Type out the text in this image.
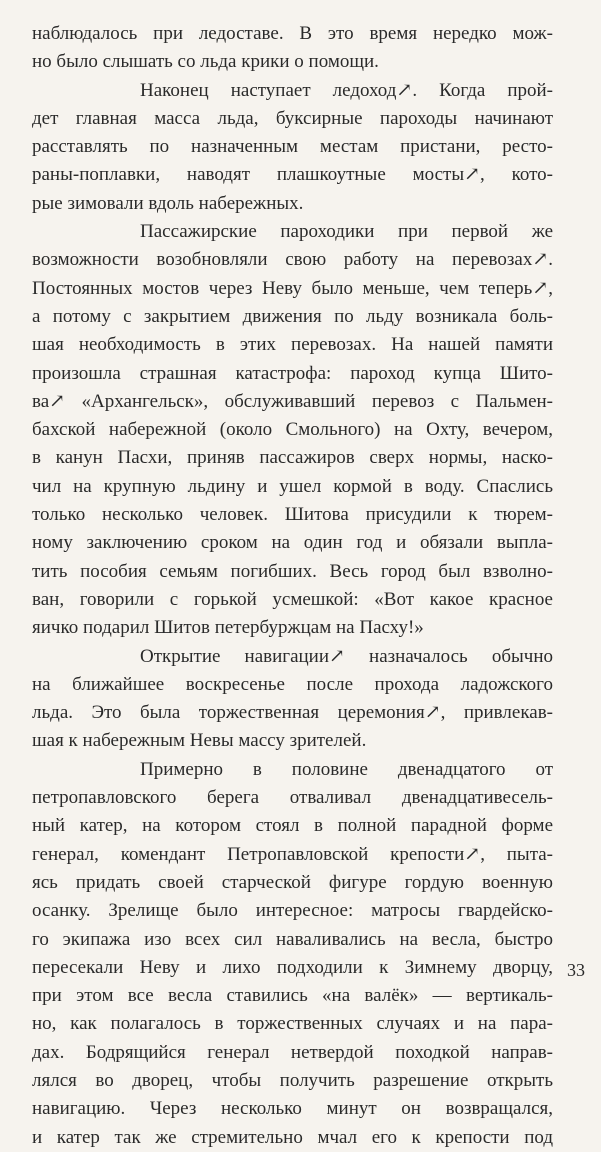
наблюдалось при ледоставе. В это время нередко мож-
но было слышать со льда крики о помощи.
Наконец наступает ледоход↗. Когда прой-
дет главная масса льда, буксирные пароходы начинают
расставлять по назначенным местам пристани, ресто-
раны-поплавки, наводят плашкоутные мосты↗, кото-
рые зимовали вдоль набережных.
Пассажирские пароходики при первой же
возможности возобновляли свою работу на перевозах↗.
Постоянных мостов через Неву было меньше, чем теперь↗,
а потому с закрытием движения по льду возникала боль-
шая необходимость в этих перевозах. На нашей памяти
произошла страшная катастрофа: пароход купца Шито-
ва↗ «Архангельск», обслуживавший перевоз с Пальмен-
бахской набережной (около Смольного) на Охту, вечером,
в канун Пасхи, приняв пассажиров сверх нормы, наско-
чил на крупную льдину и ушел кормой в воду. Спаслись
только несколько человек. Шитова присудили к тюрем-
ному заключению сроком на один год и обязали выпла-
тить пособия семьям погибших. Весь город был взволно-
ван, говорили с горькой усмешкой: «Вот какое красное
яичко подарил Шитов петербуржцам на Пасху!»
Открытие навигации↗ назначалось обычно
на ближайшее воскресенье после прохода ладожского
льда. Это была торжественная церемония↗, привлекав-
шая к набережным Невы массу зрителей.
Примерно в половине двенадцатого от
петропавловского берега отваливал двенадцативесель-
ный катер, на котором стоял в полной парадной форме
генерал, комендант Петропавловской крепости↗, пыта-
ясь придать своей старческой фигуре гордую военную
осанку. Зрелище было интересное: матросы гвардейско-
го экипажа изо всех сил наваливались на весла, быстро
пересекали Неву и лихо подходили к Зимнему дворцу,
при этом все весла ставились «на валёк» — вертикаль-
но, как полагалось в торжественных случаях и на пара-
дах. Бодрящийся генерал нетвердой походкой направ-
лялся во дворец, чтобы получить разрешение открыть
навигацию. Через несколько минут он возвращался,
и катер так же стремительно мчал его к крепости под
33
